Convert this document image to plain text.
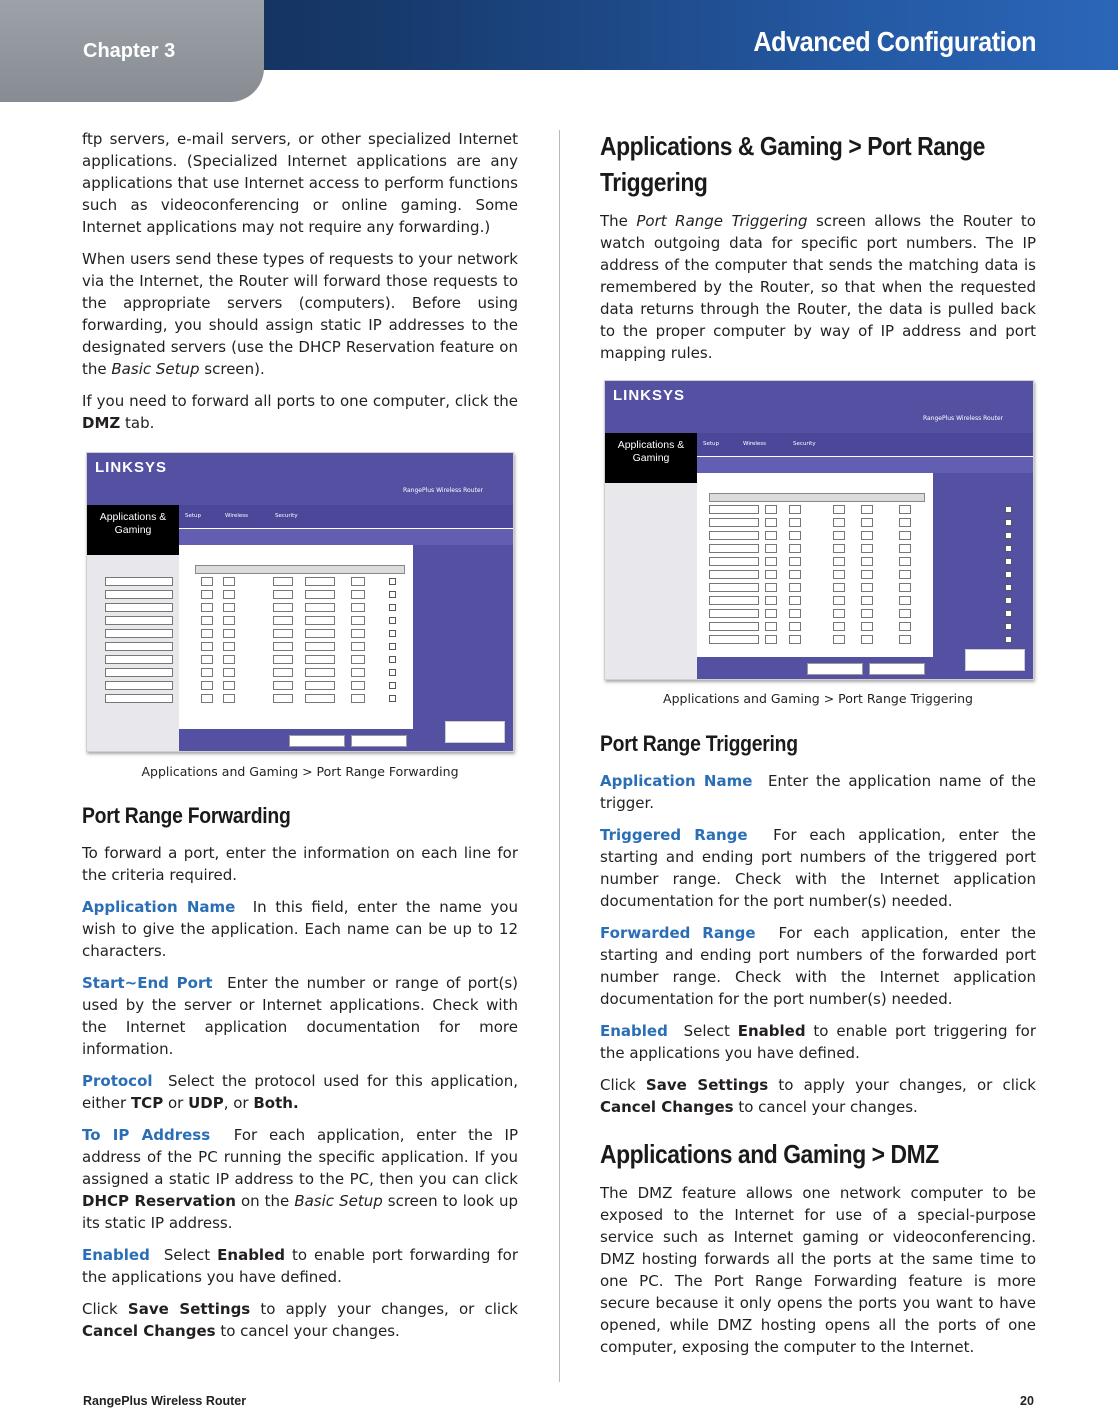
Advanced Configuration
Chapter 3

ftp servers, e-mail servers, or other specialized Internet applications. (Specialized Internet applications are any applications that use Internet access to perform functions such as videoconferencing or online gaming. Some Internet applications may not require any forwarding.)

When users send these types of requests to your network via the Internet, the Router will forward those requests to the appropriate servers (computers). Before using forwarding, you should assign static IP addresses to the designated servers (use the DHCP Reservation feature on the Basic Setup screen).

If you need to forward all ports to one computer, click the DMZ tab.

LINKSYS
RangePlus Wireless Router
Applications & Gaming
Setup	Wireless	Security
Applications and Gaming > Port Range Forwarding
Port Range Forwarding

To forward a port, enter the information on each line for the criteria required.

Application Name In this field, enter the name you wish to give the application. Each name can be up to 12 characters.

Start~End Port Enter the number or range of port(s) used by the server or Internet applications. Check with the Internet application documentation for more information.

Protocol Select the protocol used for this application, either TCP or UDP, or Both.

To IP Address For each application, enter the IP address of the PC running the specific application. If you assigned a static IP address to the PC, then you can click DHCP Reservation on the Basic Setup screen to look up its static IP address.

Enabled Select Enabled to enable port forwarding for the applications you have defined.

Click Save Settings to apply your changes, or click Cancel Changes to cancel your changes.

Applications & Gaming > Port Range Triggering

The Port Range Triggering screen allows the Router to watch outgoing data for specific port numbers. The IP address of the computer that sends the matching data is remembered by the Router, so that when the requested data returns through the Router, the data is pulled back to the proper computer by way of IP address and port mapping rules.

LINKSYS
RangePlus Wireless Router
Applications & Gaming
Setup	Wireless	Security
Applications and Gaming > Port Range Triggering
Port Range Triggering

Application Name Enter the application name of the trigger.

Triggered Range For each application, enter the starting and ending port numbers of the triggered port number range. Check with the Internet application documentation for the port number(s) needed.

Forwarded Range For each application, enter the starting and ending port numbers of the forwarded port number range. Check with the Internet application documentation for the port number(s) needed.

Enabled Select Enabled to enable port triggering for the applications you have defined.

Click Save Settings to apply your changes, or click Cancel Changes to cancel your changes.

Applications and Gaming > DMZ

The DMZ feature allows one network computer to be exposed to the Internet for use of a special-purpose service such as Internet gaming or videoconferencing. DMZ hosting forwards all the ports at the same time to one PC. The Port Range Forwarding feature is more secure because it only opens the ports you want to have opened, while DMZ hosting opens all the ports of one computer, exposing the computer to the Internet.

RangePlus Wireless Router	20
